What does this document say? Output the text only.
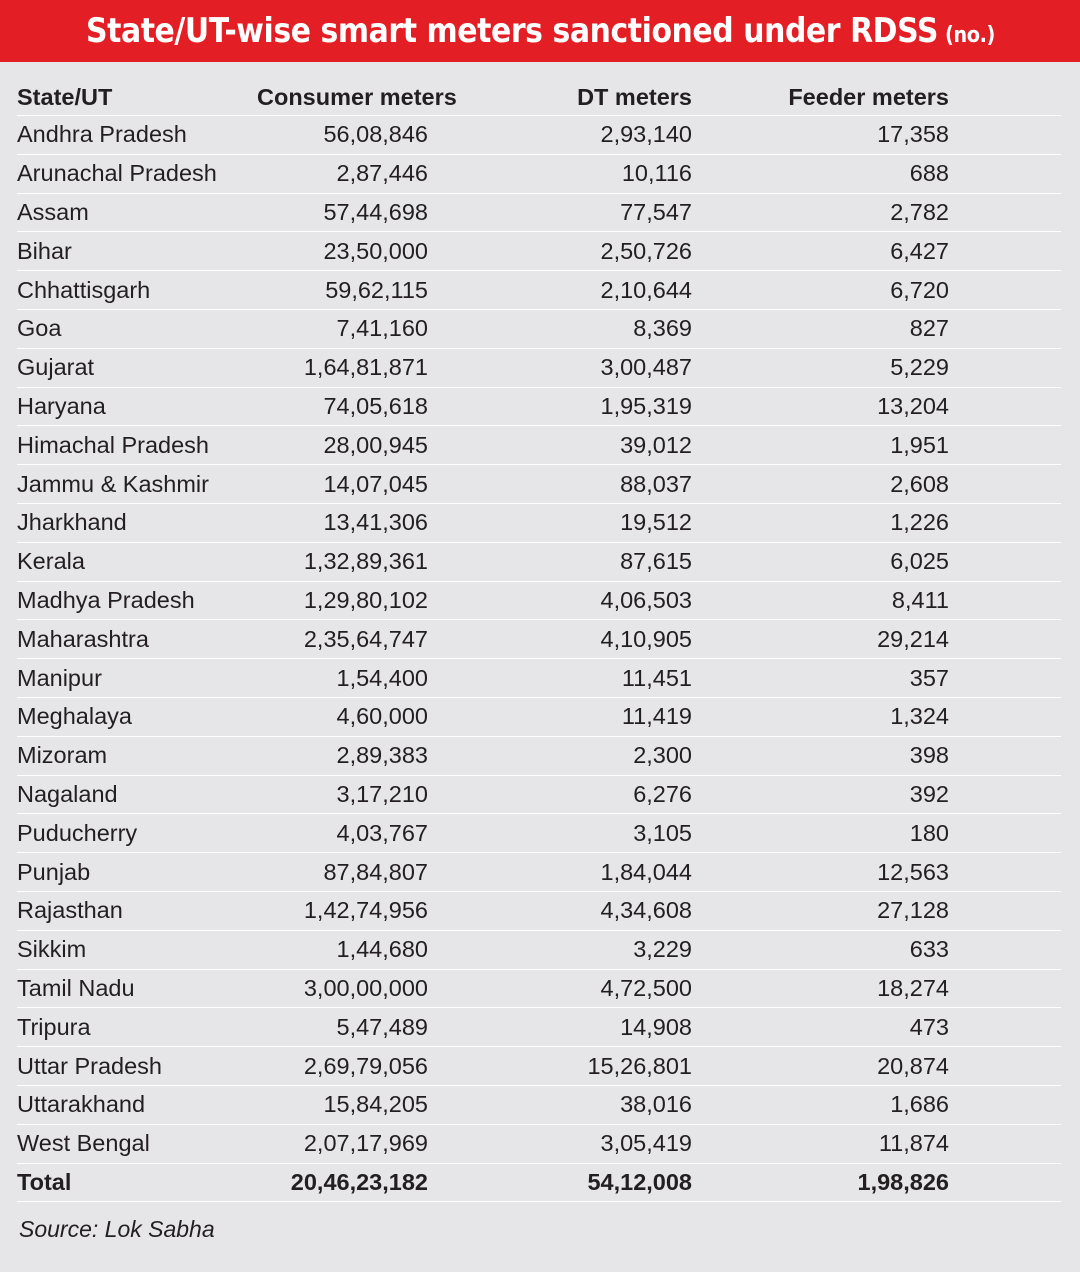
State/UT-wise smart meters sanctioned under RDSS (no.)
State/UT	Consumer meters	DT meters	Feeder meters	
Andhra Pradesh	56,08,846	2,93,140	17,358	
Arunachal Pradesh	2,87,446	10,116	688	
Assam	57,44,698	77,547	2,782	
Bihar	23,50,000	2,50,726	6,427	
Chhattisgarh	59,62,115	2,10,644	6,720	
Goa	7,41,160	8,369	827	
Gujarat	1,64,81,871	3,00,487	5,229	
Haryana	74,05,618	1,95,319	13,204	
Himachal Pradesh	28,00,945	39,012	1,951	
Jammu & Kashmir	14,07,045	88,037	2,608	
Jharkhand	13,41,306	19,512	1,226	
Kerala	1,32,89,361	87,615	6,025	
Madhya Pradesh	1,29,80,102	4,06,503	8,411	
Maharashtra	2,35,64,747	4,10,905	29,214	
Manipur	1,54,400	11,451	357	
Meghalaya	4,60,000	11,419	1,324	
Mizoram	2,89,383	2,300	398	
Nagaland	3,17,210	6,276	392	
Puducherry	4,03,767	3,105	180	
Punjab	87,84,807	1,84,044	12,563	
Rajasthan	1,42,74,956	4,34,608	27,128	
Sikkim	1,44,680	3,229	633	
Tamil Nadu	3,00,00,000	4,72,500	18,274	
Tripura	5,47,489	14,908	473	
Uttar Pradesh	2,69,79,056	15,26,801	20,874	
Uttarakhand	15,84,205	38,016	1,686	
West Bengal	2,07,17,969	3,05,419	11,874	
Total	20,46,23,182	54,12,008	1,98,826	
Source: Lok Sabha
